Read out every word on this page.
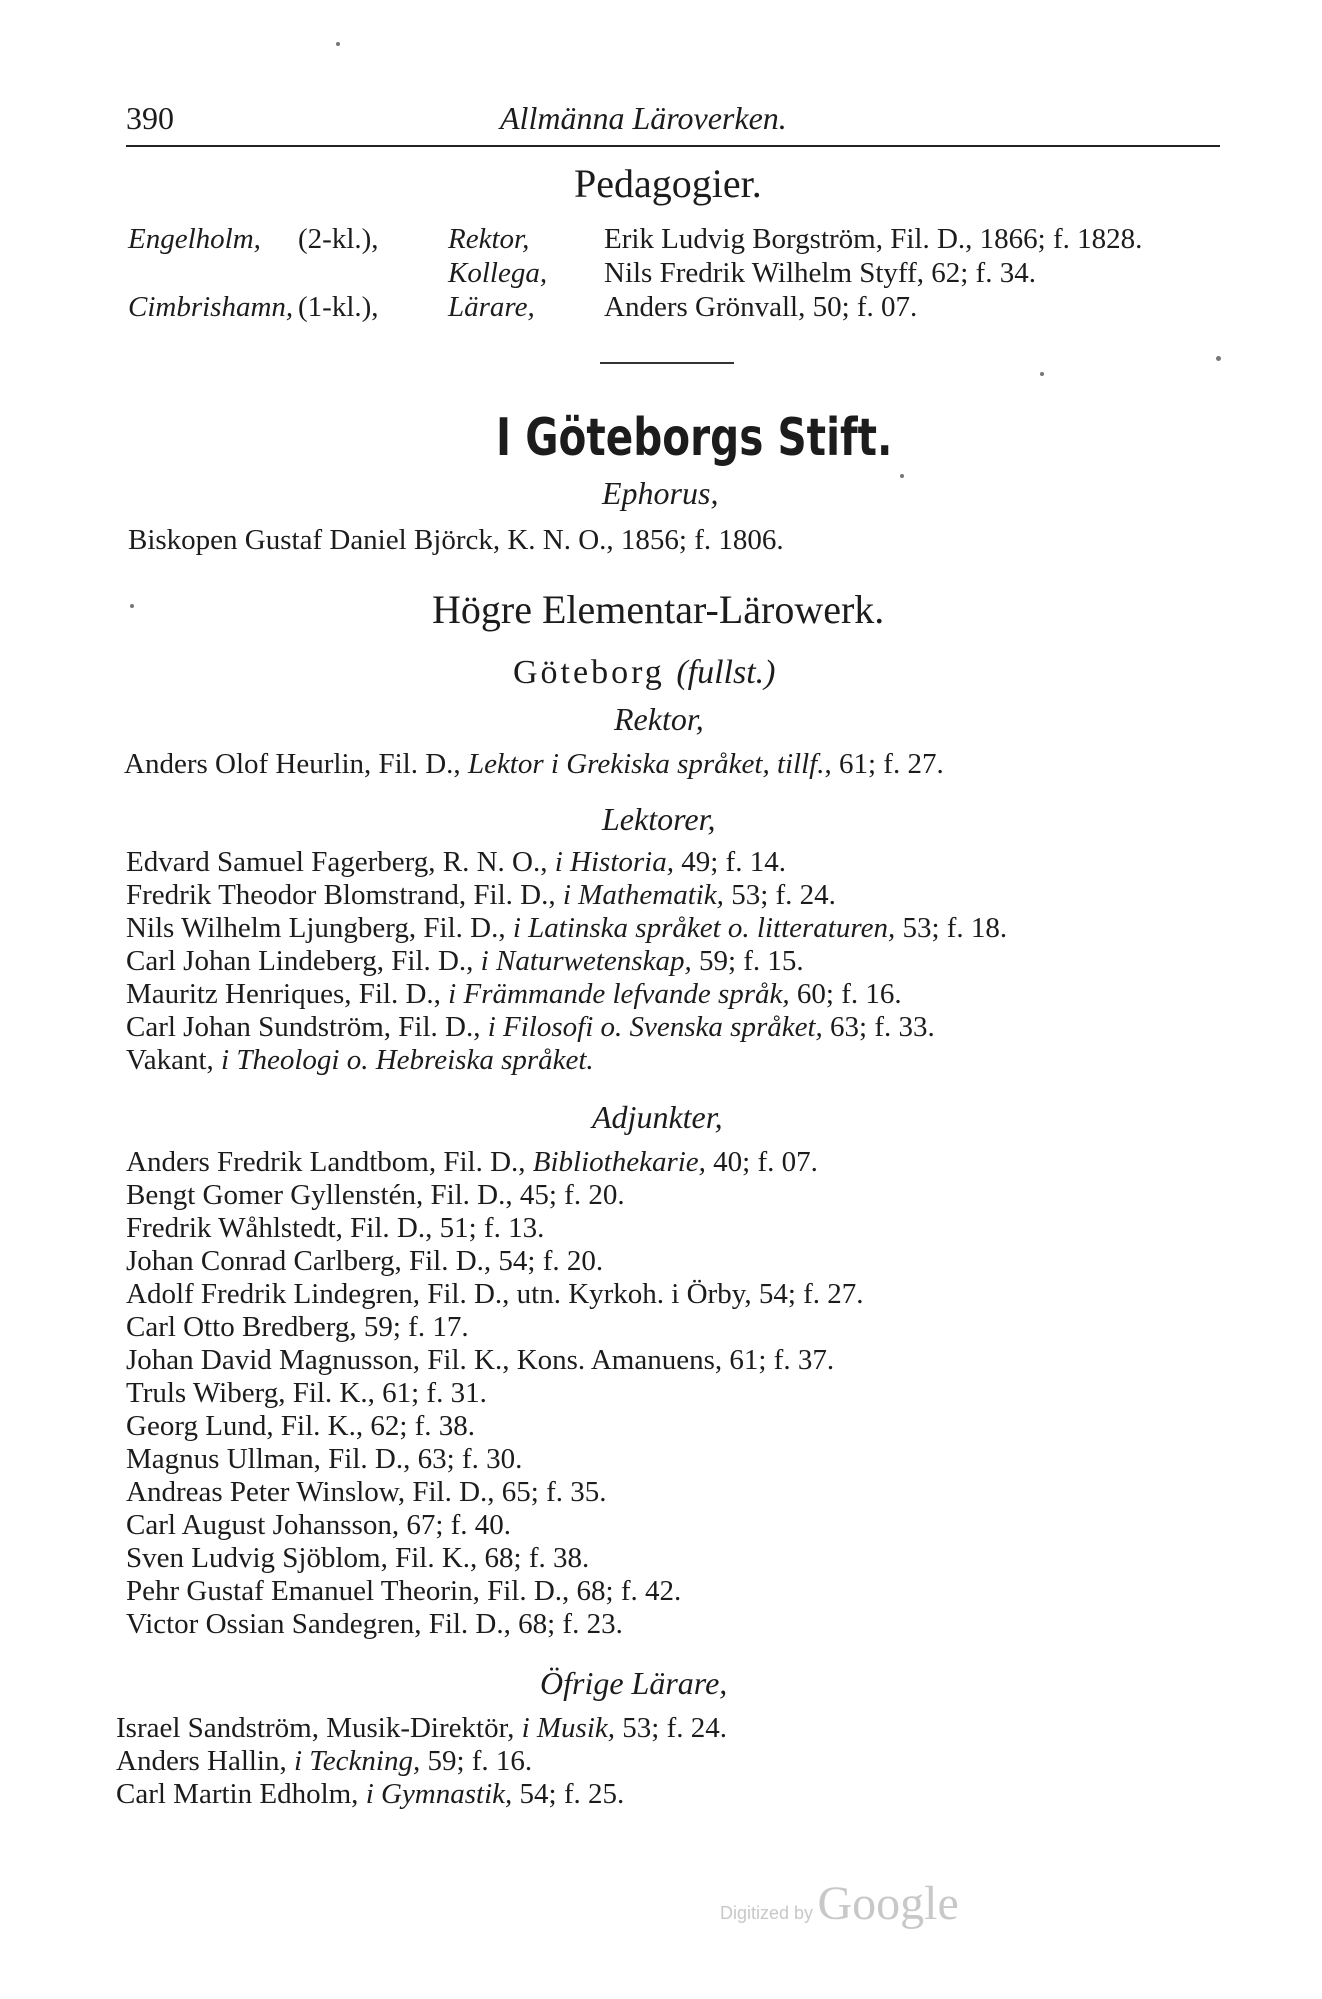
390	Allmänna Läroverken.
Pedagogier.
Engelholm, (2-kl.), Rektor,	Erik Ludvig Borgström, Fil. D., 1866; f. 1828.
Kollega, Nils Fredrik Wilhelm Styff, 62; f. 34.
Cimbrishamn, (1-kl.), Lärare, Anders Grönvall, 50; f. 07.
I Göteborgs Stift.
Ephorus,
Biskopen Gustaf Daniel Björck, K. N. O., 1856; f. 1806.
Högre Elementar-Lärowerk.
Göteborg (fullst.)
Rektor,
Anders Olof Heurlin, Fil. D., Lektor i Grekiska språket, tillf., 61; f. 27.
Lektorer,
Edvard Samuel Fagerberg, R. N. O., i Historia, 49; f. 14.
Fredrik Theodor Blomstrand, Fil. D., i Mathematik, 53; f. 24.
Nils Wilhelm Ljungberg, Fil. D., i Latinska språket o. litteraturen, 53; f. 18.
Carl Johan Lindeberg, Fil. D., i Naturwetenskap, 59; f. 15.
Mauritz Henriques, Fil. D., i Främmande lefvande språk, 60; f. 16.
Carl Johan Sundström, Fil. D., i Filosofi o. Svenska språket, 63; f. 33.
Vakant, i Theologi o. Hebreiska språket.
Adjunkter,
Anders Fredrik Landtbom, Fil. D., Bibliothekarie, 40; f. 07.
Bengt Gomer Gyllenstén, Fil. D., 45; f. 20.
Fredrik Wåhlstedt, Fil. D., 51; f. 13.
Johan Conrad Carlberg, Fil. D., 54; f. 20.
Adolf Fredrik Lindegren, Fil. D., utn. Kyrkoh. i Örby, 54; f. 27.
Carl Otto Bredberg, 59; f. 17.
Johan David Magnusson, Fil. K., Kons. Amanuens, 61; f. 37.
Truls Wiberg, Fil. K., 61; f. 31.
Georg Lund, Fil. K., 62; f. 38.
Magnus Ullman, Fil. D., 63; f. 30.
Andreas Peter Winslow, Fil. D., 65; f. 35.
Carl August Johansson, 67; f. 40.
Sven Ludvig Sjöblom, Fil. K., 68; f. 38.
Pehr Gustaf Emanuel Theorin, Fil. D., 68; f. 42.
Victor Ossian Sandegren, Fil. D., 68; f. 23.
Öfrige Lärare,
Israel Sandström, Musik-Direktör, i Musik, 53; f. 24.
Anders Hallin, i Teckning, 59; f. 16.
Carl Martin Edholm, i Gymnastik, 54; f. 25.
Digitized by Google
